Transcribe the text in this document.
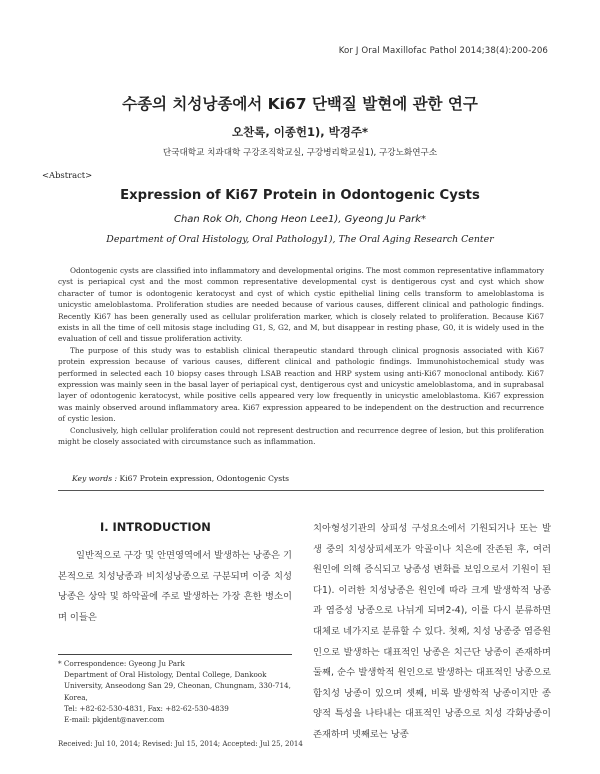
Kor J Oral Maxillofac Pathol 2014;38(4):200-206
수종의 치성낭종에서 Ki67 단백질 발현에 관한 연구
오찬록, 이종헌1), 박경주*
단국대학교 치과대학 구강조직학교실, 구강병리학교실1), 구강노화연구소
<Abstract>
Expression of Ki67 Protein in Odontogenic Cysts
Chan Rok Oh, Chong Heon Lee1), Gyeong Ju Park*
Department of Oral Histology, Oral Pathology1), The Oral Aging Research Center

Odontogenic cysts are classified into inflammatory and developmental origins. The most common representative inflammatory cyst is periapical cyst and the most common representative developmental cyst is dentigerous cyst and cyst which show character of tumor is odontogenic keratocyst and cyst of which cystic epithelial lining cells transform to ameloblastoma is unicystic ameloblastoma. Proliferation studies are needed because of various causes, different clinical and pathologic findings. Recently Ki67 has been generally used as cellular proliferation marker, which is closely related to proliferation. Because Ki67 exists in all the time of cell mitosis stage including G1, S, G2, and M, but disappear in resting phase, G0, it is widely used in the evaluation of cell and tissue proliferation activity.

The purpose of this study was to establish clinical therapeutic standard through clinical prognosis associated with Ki67 protein expression because of various causes, different clinical and pathologic findings. Immunohistochemical study was performed in selected each 10 biopsy cases through LSAB reaction and HRP system using anti-Ki67 monoclonal antibody. Ki67 expression was mainly seen in the basal layer of periapical cyst, dentigerous cyst and unicystic ameloblastoma, and in suprabasal layer of odontogenic keratocyst, while positive cells appeared very low frequently in unicystic ameloblastoma. Ki67 expression was mainly observed around inflammatory area. Ki67 expression appeared to be independent on the destruction and recurrence of cystic lesion.

Conclusively, high cellular proliferation could not represent destruction and recurrence degree of lesion, but this proliferation might be closely associated with circumstance such as inflammation.

Key words : Ki67 Protein expression, Odontogenic Cysts
Ⅰ. INTRODUCTION

일반적으로 구강 및 안면영역에서 발생하는 낭종은 기본적으로 치성낭종과 비치성낭종으로 구분되며 이중 치성낭종은 상악 및 하악골에 주로 발생하는 가장 흔한 병소이며 이들은

치아형성기관의 상피성 구성요소에서 기원되거나 또는 발생 중의 치성상피세포가 악골이나 치은에 잔존된 후, 여러 원인에 의해 증식되고 낭종성 변화를 보임으로서 기원이 된다1). 이러한 치성낭종은 원인에 따라 크게 발생학적 낭종과 염증성 낭종으로 나뉘게 되며2-4), 이를 다시 분류하면 대체로 네가지로 분류할 수 있다. 첫째, 치성 낭종중 염증원인으로 발생하는 대표적인 낭종은 치근단 낭종이 존재하며 둘째, 순수 발생학적 원인으로 발생하는 대표적인 낭종으로 함치성 낭종이 있으며 셋째, 비록 발생학적 낭종이지만 종양적 특성을 나타내는 대표적인 낭종으로 치성 각화낭종이 존재하며 넷째로는 낭종

* Correspondence: Gyeong Ju Park
Department of Oral Histology, Dental College, Dankook University, Anseodong San 29, Cheonan, Chungnam, 330-714, Korea,
Tel: +82-62-530-4831, Fax: +82-62-530-4839
E-mail: pkjdent@naver.com
Received: Jul 10, 2014; Revised: Jul 15, 2014; Accepted: Jul 25, 2014
